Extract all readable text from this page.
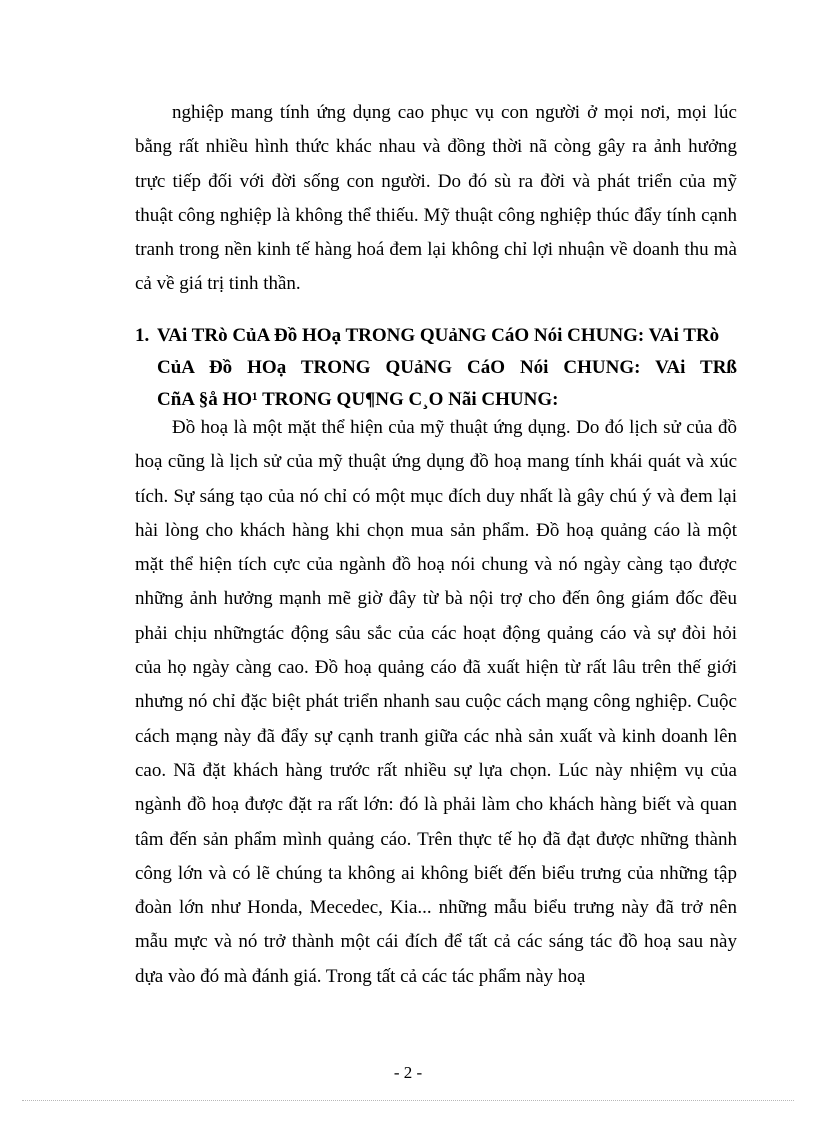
nghiệp mang tính ứng dụng cao phục vụ con người ở mọi nơi, mọi lúc bằng rất nhiều hình thức khác nhau và đồng thời nã còng gây ra ảnh hưởng trực tiếp đối với đời sống con người. Do đó sù ra đời và phát triển của mỹ thuật công nghiệp là không thể thiếu. Mỹ thuật công nghiệp thúc đẩy tính cạnh tranh trong nền kinh tế hàng hoá đem lại không chỉ lợi nhuận về doanh thu mà cả về giá trị tinh thần.

1. VAi TRò CủA Đồ HOạ TRONG QUảNG CáO Nói CHUNG: VAi TRò
CủA Đồ HOạ TRONG QUảNG CáO Nói CHUNG: VAi TRß
CñA §å HO¹ TRONG QU¶NG C¸O Nãi CHUNG:

Đồ hoạ là một mặt thể hiện của mỹ thuật ứng dụng. Do đó lịch sử của đồ hoạ cũng là lịch sử của mỹ thuật ứng dụng đồ hoạ mang tính khái quát và xúc tích. Sự sáng tạo của nó chỉ có một mục đích duy nhất là gây chú ý và đem lại hài lòng cho khách hàng khi chọn mua sản phẩm. Đồ hoạ quảng cáo là một mặt thể hiện tích cực của ngành đồ hoạ nói chung và nó ngày càng tạo được những ảnh hưởng mạnh mẽ giờ đây từ bà nội trợ cho đến ông giám đốc đều phải chịu nhữngtác động sâu sắc của các hoạt động quảng cáo và sự đòi hỏi của họ ngày càng cao. Đồ hoạ quảng cáo đã xuất hiện từ rất lâu trên thế giới nhưng nó chỉ đặc biệt phát triển nhanh sau cuộc cách mạng công nghiệp. Cuộc cách mạng này đã đẩy sự cạnh tranh giữa các nhà sản xuất và kinh doanh lên cao. Nã đặt khách hàng trước rất nhiều sự lựa chọn. Lúc này nhiệm vụ của ngành đồ hoạ được đặt ra rất lớn: đó là phải làm cho khách hàng biết và quan tâm đến sản phẩm mình quảng cáo. Trên thực tế họ đã đạt được những thành công lớn và có lẽ chúng ta không ai không biết đến biểu trưng của những tập đoàn lớn như Honda, Mecedec, Kia... những mẫu biểu trưng này đã trở nên mẫu mực và nó trở thành một cái đích để tất cả các sáng tác đồ hoạ sau này dựa vào đó mà đánh giá. Trong tất cả các tác phẩm này hoạ

- 2 -
